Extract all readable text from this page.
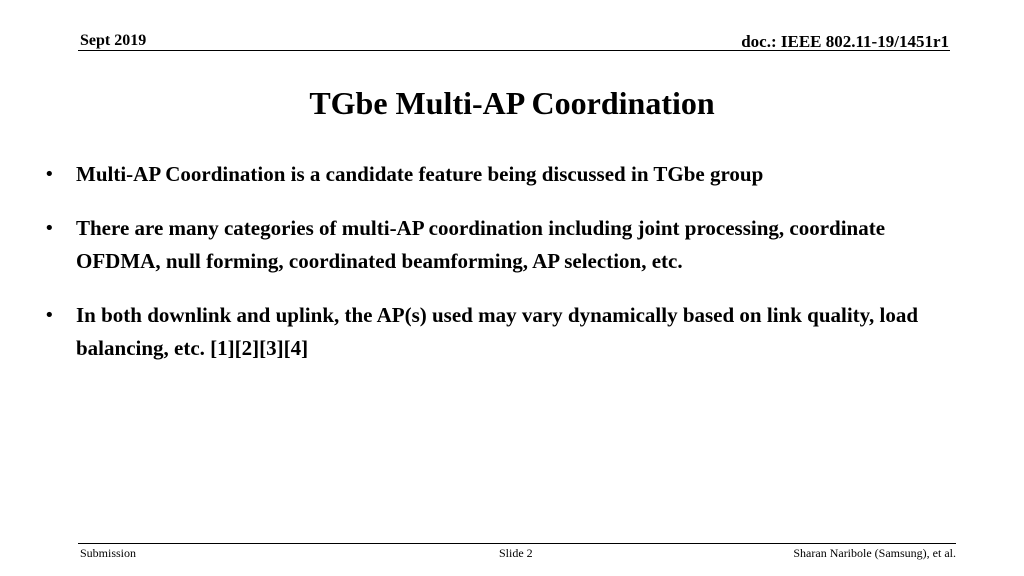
Sept 2019	doc.: IEEE 802.11-19/1451r1
TGbe Multi-AP Coordination
• Multi-AP Coordination is a candidate feature being discussed in TGbe group
• There are many categories of multi-AP coordination including joint processing, coordinate OFDMA, null forming, coordinated beamforming, AP selection, etc.
• In both downlink and uplink, the AP(s) used may vary dynamically based on link quality, load balancing, etc. [1][2][3][4]
Submission	Slide 2	Sharan Naribole (Samsung), et al.
